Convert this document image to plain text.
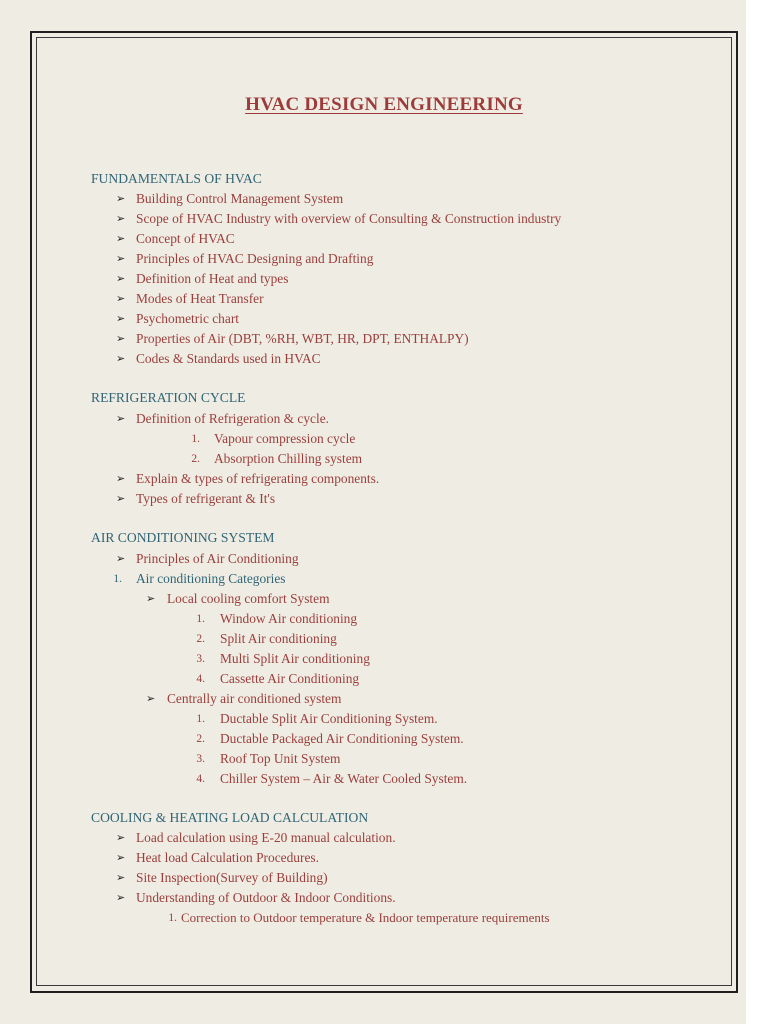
HVAC DESIGN ENGINEERING
FUNDAMENTALS OF HVAC
➢ Building Control Management System
➢ Scope of HVAC Industry with overview of Consulting & Construction industry
➢ Concept of HVAC
➢ Principles of HVAC Designing and Drafting
➢ Definition of Heat and types
➢ Modes of Heat Transfer
➢ Psychometric chart
➢ Properties of Air (DBT, %RH, WBT, HR, DPT, ENTHALPY)
➢ Codes & Standards used in HVAC
REFRIGERATION CYCLE
➢ Definition of Refrigeration & cycle.
1. Vapour compression cycle
2. Absorption Chilling system
➢ Explain & types of refrigerating components.
➢ Types of refrigerant & It's
AIR CONDITIONING SYSTEM
➢ Principles of Air Conditioning
1. Air conditioning Categories
➢ Local cooling comfort System
1. Window Air conditioning
2. Split Air conditioning
3. Multi Split Air conditioning
4. Cassette Air Conditioning
➢ Centrally air conditioned system
1. Ductable Split Air Conditioning System.
2. Ductable Packaged Air Conditioning System.
3. Roof Top Unit System
4. Chiller System – Air & Water Cooled System.
COOLING & HEATING LOAD CALCULATION
➢ Load calculation using E-20 manual calculation.
➢ Heat load Calculation Procedures.
➢ Site Inspection(Survey of Building)
➢ Understanding of Outdoor & Indoor Conditions.
1. Correction to Outdoor temperature & Indoor temperature requirements
